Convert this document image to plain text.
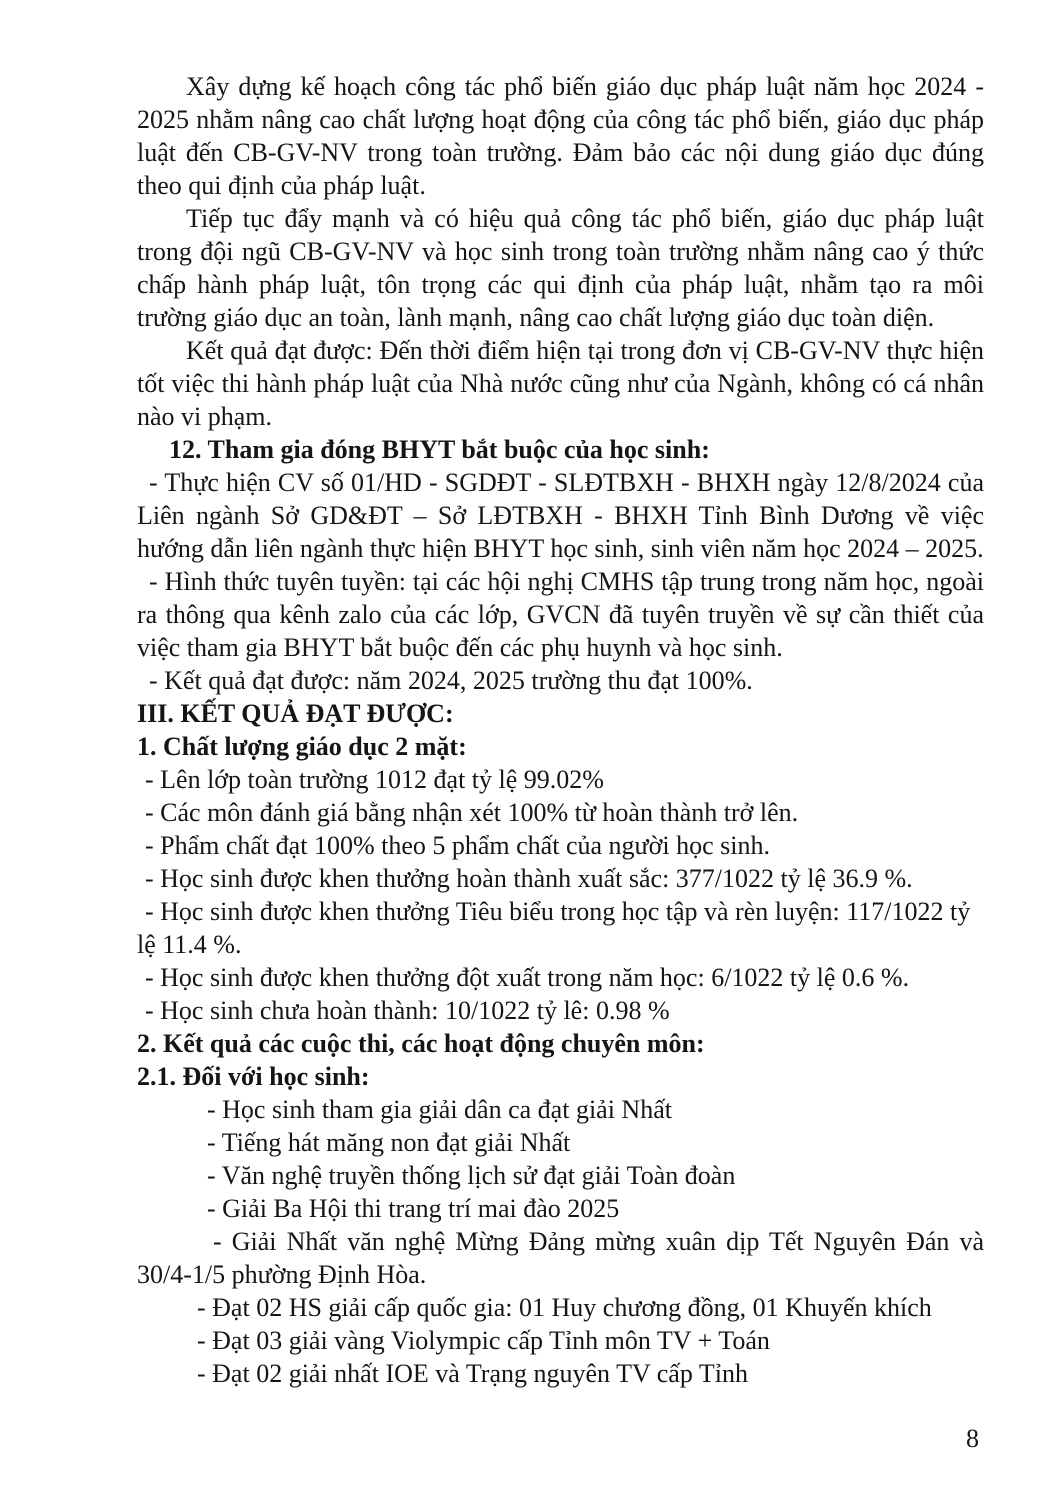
Xây dựng kế hoạch công tác phổ biến giáo dục pháp luật năm học 2024 - 2025 nhằm nâng cao chất lượng hoạt động của công tác phổ biến, giáo dục pháp luật đến CB-GV-NV trong toàn trường. Đảm bảo các nội dung giáo dục đúng theo qui định của pháp luật.

Tiếp tục đẩy mạnh và có hiệu quả công tác phổ biến, giáo dục pháp luật trong đội ngũ CB-GV-NV và học sinh trong toàn trường nhằm nâng cao ý thức chấp hành pháp luật, tôn trọng các qui định của pháp luật, nhằm tạo ra môi trường giáo dục an toàn, lành mạnh, nâng cao chất lượng giáo dục toàn diện.

Kết quả đạt được: Đến thời điểm hiện tại trong đơn vị CB-GV-NV thực hiện tốt việc thi hành pháp luật của Nhà nước cũng như của Ngành, không có cá nhân nào vi phạm.

12. Tham gia đóng BHYT bắt buộc của học sinh:

- Thực hiện CV số 01/HD - SGDĐT - SLĐTBXH - BHXH ngày 12/8/2024 của Liên ngành Sở GD&ĐT – Sở LĐTBXH - BHXH Tỉnh Bình Dương về việc hướng dẫn liên ngành thực hiện BHYT học sinh, sinh viên năm học 2024 – 2025.

- Hình thức tuyên tuyền: tại các hội nghị CMHS tập trung trong năm học, ngoài ra thông qua kênh zalo của các lớp, GVCN đã tuyên truyền về sự cần thiết của việc tham gia BHYT bắt buộc đến các phụ huynh và học sinh.

- Kết quả đạt được: năm 2024, 2025 trường thu đạt 100%.

III. KẾT QUẢ ĐẠT ĐƯỢC:

1. Chất lượng giáo dục 2 mặt:

- Lên lớp toàn trường 1012 đạt tỷ lệ 99.02%

- Các môn đánh giá bằng nhận xét 100% từ hoàn thành trở lên.

- Phẩm chất đạt 100% theo 5 phẩm chất của người học sinh.

- Học sinh được khen thưởng hoàn thành xuất sắc: 377/1022 tỷ lệ 36.9 %.

- Học sinh được khen thưởng Tiêu biểu trong học tập và rèn luyện: 117/1022 tỷ lệ 11.4 %.

- Học sinh được khen thưởng đột xuất trong năm học: 6/1022 tỷ lệ 0.6 %.

- Học sinh chưa hoàn thành: 10/1022 tỷ lê: 0.98 %

2. Kết quả các cuộc thi, các hoạt động chuyên môn:

2.1. Đối với học sinh:

- Học sinh tham gia giải dân ca đạt giải Nhất

- Tiếng hát măng non đạt giải Nhất

- Văn nghệ truyền thống lịch sử đạt giải Toàn đoàn

- Giải Ba Hội thi trang trí mai đào 2025

- Giải Nhất văn nghệ Mừng Đảng mừng xuân dịp Tết Nguyên Đán và 30/4-1/5 phường Định Hòa.

- Đạt 02 HS giải cấp quốc gia: 01 Huy chương đồng, 01 Khuyến khích

- Đạt 03 giải vàng Violympic cấp Tỉnh môn TV + Toán

- Đạt 02 giải nhất IOE và Trạng nguyên TV cấp Tỉnh

8
